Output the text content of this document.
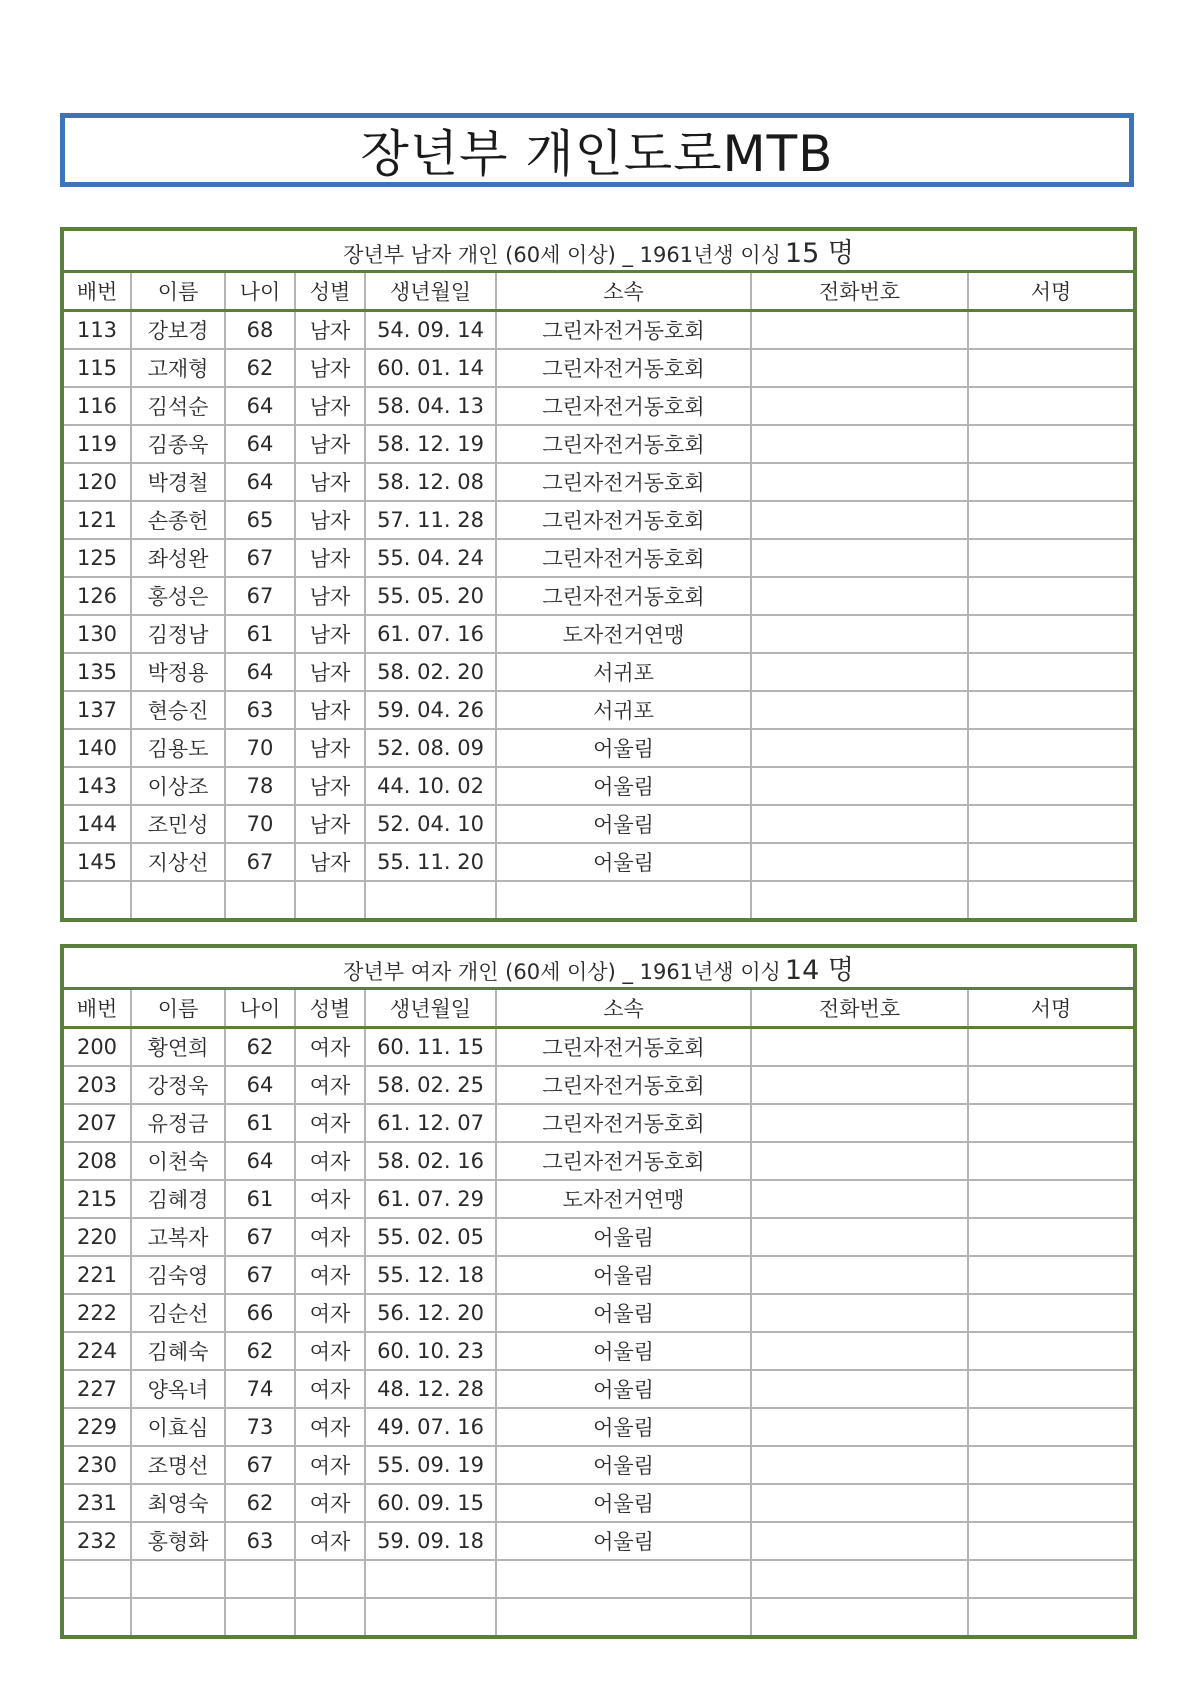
장년부 개인도로MTB
장년부 남자 개인 (60세 이상) _ 1961년생 이싱 15 명							
배번	이름	나이	성별	생년월일	소속	전화번호	서명
113	강보경	68	남자	54. 09. 14	그린자전거동호회		
115	고재형	62	남자	60. 01. 14	그린자전거동호회		
116	김석순	64	남자	58. 04. 13	그린자전거동호회		
119	김종욱	64	남자	58. 12. 19	그린자전거동호회		
120	박경철	64	남자	58. 12. 08	그린자전거동호회		
121	손종헌	65	남자	57. 11. 28	그린자전거동호회		
125	좌성완	67	남자	55. 04. 24	그린자전거동호회		
126	홍성은	67	남자	55. 05. 20	그린자전거동호회		
130	김정남	61	남자	61. 07. 16	도자전거연맹		
135	박정용	64	남자	58. 02. 20	서귀포		
137	현승진	63	남자	59. 04. 26	서귀포		
140	김용도	70	남자	52. 08. 09	어울림		
143	이상조	78	남자	44. 10. 02	어울림		
144	조민성	70	남자	52. 04. 10	어울림		
145	지상선	67	남자	55. 11. 20	어울림		

장년부 여자 개인 (60세 이상) _ 1961년생 이싱 14 명							
배번	이름	나이	성별	생년월일	소속	전화번호	서명
200	황연희	62	여자	60. 11. 15	그린자전거동호회		
203	강정욱	64	여자	58. 02. 25	그린자전거동호회		
207	유정금	61	여자	61. 12. 07	그린자전거동호회		
208	이천숙	64	여자	58. 02. 16	그린자전거동호회		
215	김혜경	61	여자	61. 07. 29	도자전거연맹		
220	고복자	67	여자	55. 02. 05	어울림		
221	김숙영	67	여자	55. 12. 18	어울림		
222	김순선	66	여자	56. 12. 20	어울림		
224	김혜숙	62	여자	60. 10. 23	어울림		
227	양옥녀	74	여자	48. 12. 28	어울림		
229	이효심	73	여자	49. 07. 16	어울림		
230	조명선	67	여자	55. 09. 19	어울림		
231	최영숙	62	여자	60. 09. 15	어울림		
232	홍형화	63	여자	59. 09. 18	어울림		
